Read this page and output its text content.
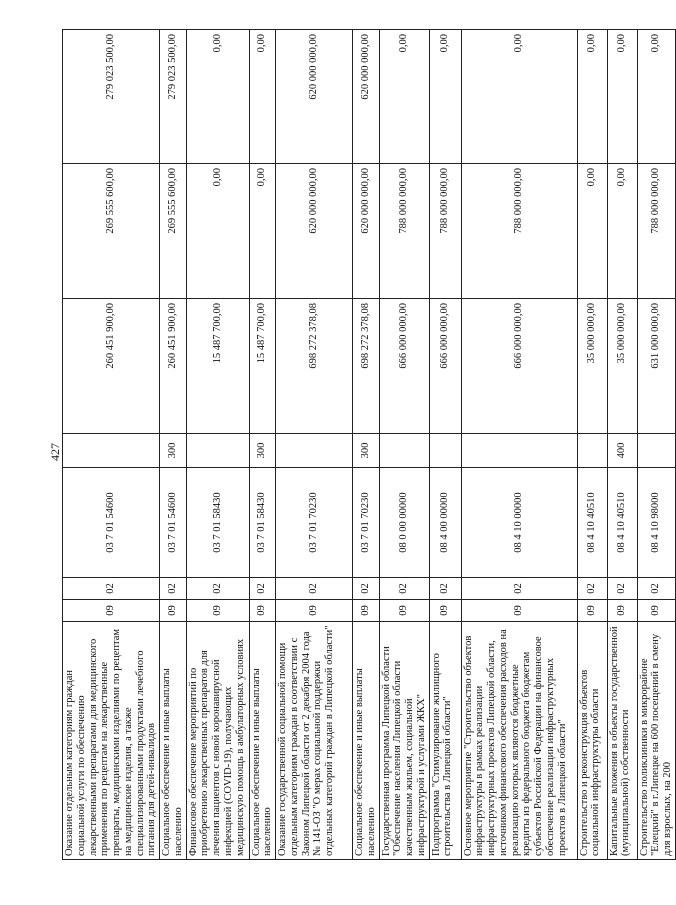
427
Оказание отдельным категориям граждан социальной услуги по обеспечению лекарственными препаратами для медицинского применения по рецептам на лекарственные препараты, медицинскими изделиями по рецептам на медицинские изделия, а также специализированными продуктами лечебного питания для детей-инвалидов	09	02	03 7 01 54600		260 451 900,00	269 555 600,00	279 023 500,00
Социальное обеспечение и иные выплаты населению	09	02	03 7 01 54600	300	260 451 900,00	269 555 600,00	279 023 500,00
Финансовое обеспечение мероприятий по приобретению лекарственных препаратов для лечения пациентов с новой коронавирусной инфекцией (COVID-19), получающих медицинскую помощь в амбулаторных условиях	09	02	03 7 01 58430		15 487 700,00	0,00	0,00
Социальное обеспечение и иные выплаты населению	09	02	03 7 01 58430	300	15 487 700,00	0,00	0,00
Оказание государственной социальной помощи отдельным категориям граждан в соответствии с Законом Липецкой области от 2 декабря 2004 года № 141-ОЗ "О мерах социальной поддержки отдельных категорий граждан в Липецкой области"	09	02	03 7 01 70230		698 272 378,08	620 000 000,00	620 000 000,00
Социальное обеспечение и иные выплаты населению	09	02	03 7 01 70230	300	698 272 378,08	620 000 000,00	620 000 000,00
Государственная программа Липецкой области "Обеспечение населения Липецкой области качественным жильем, социальной инфраструктурой и услугами ЖКХ"	09	02	08 0 00 00000		666 000 000,00	788 000 000,00	0,00
Подпрограмма "Стимулирование жилищного строительства в Липецкой области"	09	02	08 4 00 00000		666 000 000,00	788 000 000,00	0,00
Основное мероприятие "Строительство объектов инфраструктуры в рамках реализации инфраструктурных проектов Липецкой области, источником финансового обеспечения расходов на реализацию которых являются бюджетные кредиты из федерального бюджета бюджетам субъектов Российской Федерации на финансовое обеспечение реализации инфраструктурных проектов в Липецкой области"	09	02	08 4 10 00000		666 000 000,00	788 000 000,00	0,00
Строительство и реконструкция объектов социальной инфраструктуры области	09	02	08 4 10 40510		35 000 000,00	0,00	0,00
Капитальные вложения в объекты государственной (муниципальной) собственности	09	02	08 4 10 40510	400	35 000 000,00	0,00	0,00
Строительство поликлиники в микрорайоне "Елецкий" в г.Липецке на 600 посещений в смену для взрослых, на 200	09	02	08 4 10 98000		631 000 000,00	788 000 000,00	0,00
